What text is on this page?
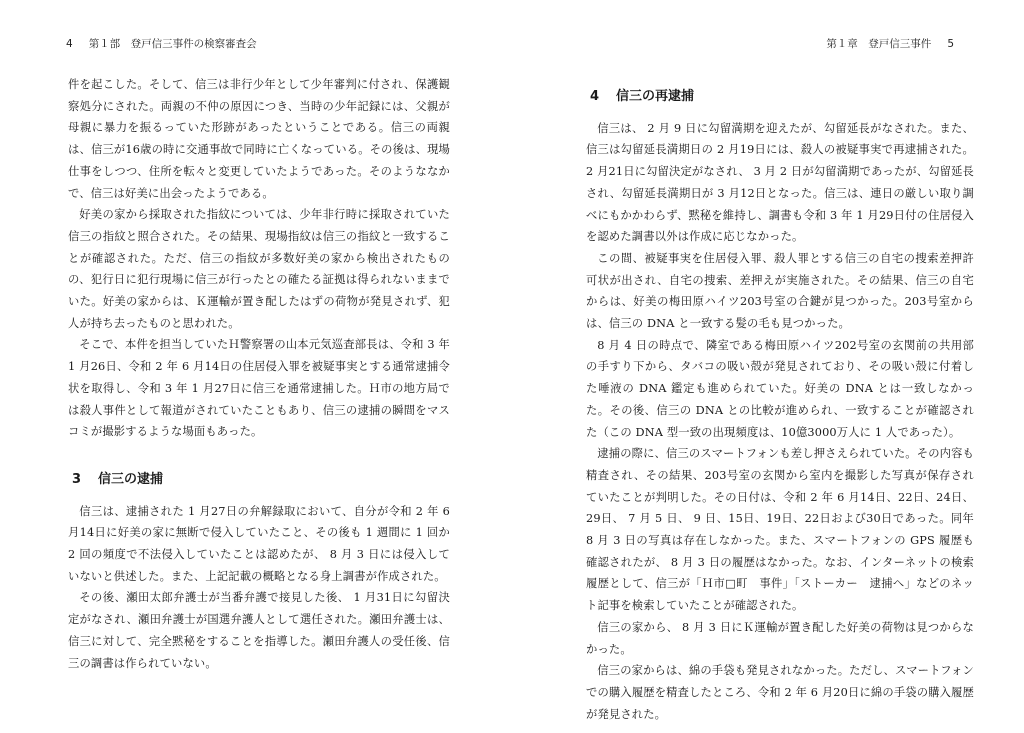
4 第１部　登戸信三事件の検察審査会

件を起こした。そして、信三は非行少年として少年審判に付され、保護観察処分にされた。両親の不仲の原因につき、当時の少年記録には、父親が母親に暴力を振るっていた形跡があったということである。信三の両親は、信三が16歳の時に交通事故で同時に亡くなっている。その後は、現場仕事をしつつ、住所を転々と変更していたようであった。そのようななかで、信三は好美に出会ったようである。

好美の家から採取された指紋については、少年非行時に採取されていた信三の指紋と照合された。その結果、現場指紋は信三の指紋と一致することが確認された。ただ、信三の指紋が多数好美の家から検出されたものの、犯行日に犯行現場に信三が行ったとの確たる証拠は得られないままでいた。好美の家からは、Ｋ運輸が置き配したはずの荷物が発見されず、犯人が持ち去ったものと思われた。

そこで、本件を担当していたＨ警察署の山本元気巡査部長は、令和 3 年 1 月26日、令和 2 年 6 月14日の住居侵入罪を被疑事実とする通常逮捕令状を取得し、令和 3 年 1 月27日に信三を通常逮捕した。Ｈ市の地方局では殺人事件として報道がされていたこともあり、信三の逮捕の瞬間をマスコミが撮影するような場面もあった。

3 信三の逮捕

信三は、逮捕された 1 月27日の弁解録取において、自分が令和 2 年 6 月14日に好美の家に無断で侵入していたこと、その後も 1 週間に 1 回か 2 回の頻度で不法侵入していたことは認めたが、 8 月 3 日には侵入していないと供述した。また、上記記載の概略となる身上調書が作成された。

その後、瀬田太郎弁護士が当番弁護で接見した後、 1 月31日に勾留決定がなされ、瀬田弁護士が国選弁護人として選任された。瀬田弁護士は、信三に対して、完全黙秘をすることを指導した。瀬田弁護人の受任後、信三の調書は作られていない。

第１章　登戸信三事件 5
4 信三の再逮捕

信三は、 2 月 9 日に勾留満期を迎えたが、勾留延長がなされた。また、信三は勾留延長満期日の 2 月19日には、殺人の被疑事実で再逮捕された。 2 月21日に勾留決定がなされ、 3 月 2 日が勾留満期であったが、勾留延長され、勾留延長満期日が 3 月12日となった。信三は、連日の厳しい取り調べにもかかわらず、黙秘を維持し、調書も令和 3 年 1 月29日付の住居侵入を認めた調書以外は作成に応じなかった。

この間、被疑事実を住居侵入罪、殺人罪とする信三の自宅の捜索差押許可状が出され、自宅の捜索、差押えが実施された。その結果、信三の自宅からは、好美の梅田原ハイツ203号室の合鍵が見つかった。203号室からは、信三の DNA と一致する髪の毛も見つかった。

8 月 4 日の時点で、隣室である梅田原ハイツ202号室の玄関前の共用部の手すり下から、タバコの吸い殻が発見されており、その吸い殻に付着した唾液の DNA 鑑定も進められていた。好美の DNA とは一致しなかった。その後、信三の DNA との比較が進められ、一致することが確認された（この DNA 型一致の出現頻度は、10億3000万人に 1 人であった）。

逮捕の際に、信三のスマートフォンも差し押さえられていた。その内容も精査され、その結果、203号室の玄関から室内を撮影した写真が保存されていたことが判明した。その日付は、令和 2 年 6 月14日、22日、24日、29日、 7 月 5 日、 9 日、15日、19日、22日および30日であった。同年 8 月 3 日の写真は存在しなかった。また、スマートフォンの GPS 履歴も確認されたが、 8 月 3 日の履歴はなかった。なお、インターネットの検索履歴として、信三が「Ｈ市□町　事件」「ストーカー　逮捕へ」などのネット記事を検索していたことが確認された。

信三の家から、 8 月 3 日にＫ運輸が置き配した好美の荷物は見つからなかった。

信三の家からは、綿の手袋も発見されなかった。ただし、スマートフォンでの購入履歴を精査したところ、令和 2 年 6 月20日に綿の手袋の購入履歴が発見された。
